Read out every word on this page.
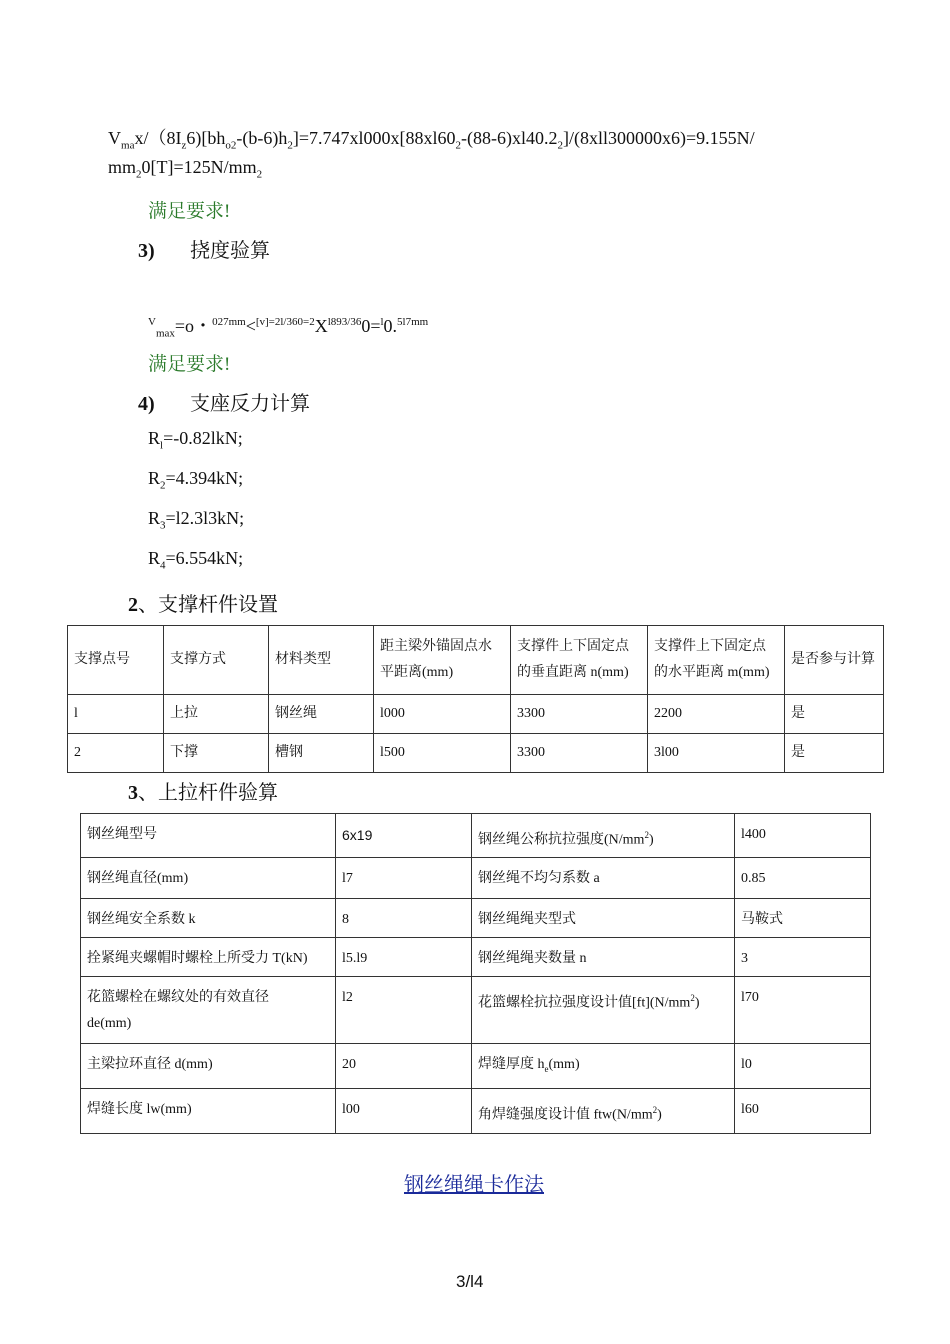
$V_{ma}x/(8I_z6)[bh_{o2}-(b-6)h_2]=7.747xl000x[88xl60_2-(88-6)xl40.2_2]/(8xll300000x6)=9.155N/$
$mm_20[T]=125N/mm_2$
满足要求!
3) 挠度验算
$^V_{max}$=o・$^{027mm}<^{[v]=2l/360=2}X^{l893/36}0=^l0.^{5l7mm}$
满足要求!
4) 支座反力计算
$R_l=-0.82lkN$;
$R_2=4.394kN$;
$R_3=l2.3l3kN$;
$R_4=6.554kN$;
2、支撑杆件设置
支撑点号	支撑方式	材料类型	距主梁外锚固点水平距离(mm)	支撑件上下固定点的垂直距离 n(mm)	支撑件上下固定点的水平距离 m(mm)	是否参与计算
l	上拉	钢丝绳	l000	3300	2200	是
2	下撑	槽钢	l500	3300	3l00	是
3、上拉杆件验算
钢丝绳型号	6x19	钢丝绳公称抗拉强度$(N/mm^2)$	l400
钢丝绳直径(mm)	l7	钢丝绳不均匀系数 a	0.85
钢丝绳安全系数 k	8	钢丝绳绳夹型式	马鞍式
拴紧绳夹螺帽时螺栓上所受力 T(kN)	l5.l9	钢丝绳绳夹数量 n	3
花篮螺栓在螺纹处的有效直径
de(mm)	l2	花篮螺栓抗拉强度设计值$[ft](N/mm^2)$	l70
主梁拉环直径 d(mm)	20	焊缝厚度 $h_e(mm)$	l0
焊缝长度 lw(mm)	l00	角焊缝强度设计值 $ftw(N/mm^2)$	l60
钢丝绳绳卡作法
3/l4
